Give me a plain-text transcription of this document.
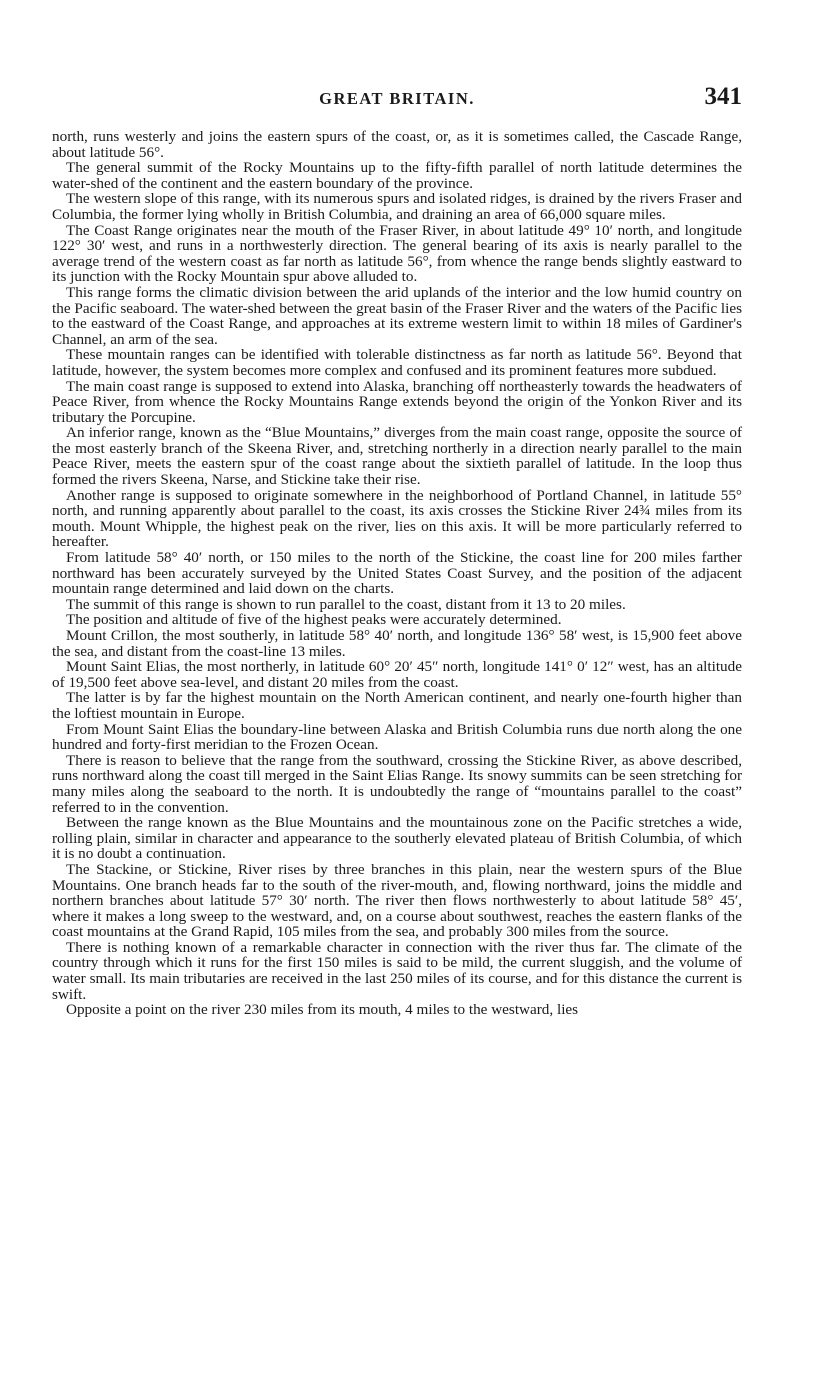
GREAT BRITAIN.	341

north, runs westerly and joins the eastern spurs of the coast, or, as it is sometimes called, the Cascade Range, about latitude 56°.

The general summit of the Rocky Mountains up to the fifty-fifth parallel of north latitude determines the water-shed of the continent and the eastern boundary of the province.

The western slope of this range, with its numerous spurs and isolated ridges, is drained by the rivers Fraser and Columbia, the former lying wholly in British Columbia, and draining an area of 66,000 square miles.

The Coast Range originates near the mouth of the Fraser River, in about latitude 49° 10′ north, and longitude 122° 30′ west, and runs in a northwesterly direction. The general bearing of its axis is nearly parallel to the average trend of the western coast as far north as latitude 56°, from whence the range bends slightly eastward to its junction with the Rocky Mountain spur above alluded to.

This range forms the climatic division between the arid uplands of the interior and the low humid country on the Pacific seaboard. The water-shed between the great basin of the Fraser River and the waters of the Pacific lies to the eastward of the Coast Range, and approaches at its extreme western limit to within 18 miles of Gardiner's Channel, an arm of the sea.

These mountain ranges can be identified with tolerable distinctness as far north as latitude 56°. Beyond that latitude, however, the system becomes more complex and confused and its prominent features more subdued.

The main coast range is supposed to extend into Alaska, branching off northeasterly towards the headwaters of Peace River, from whence the Rocky Mountains Range extends beyond the origin of the Yonkon River and its tributary the Porcupine.

An inferior range, known as the “Blue Mountains,” diverges from the main coast range, opposite the source of the most easterly branch of the Skeena River, and, stretching northerly in a direction nearly parallel to the main Peace River, meets the eastern spur of the coast range about the sixtieth parallel of latitude. In the loop thus formed the rivers Skeena, Narse, and Stickine take their rise.

Another range is supposed to originate somewhere in the neighborhood of Portland Channel, in latitude 55° north, and running apparently about parallel to the coast, its axis crosses the Stickine River 24¾ miles from its mouth. Mount Whipple, the highest peak on the river, lies on this axis. It will be more particularly referred to hereafter.

From latitude 58° 40′ north, or 150 miles to the north of the Stickine, the coast line for 200 miles farther northward has been accurately surveyed by the United States Coast Survey, and the position of the adjacent mountain range determined and laid down on the charts.

The summit of this range is shown to run parallel to the coast, distant from it 13 to 20 miles.

The position and altitude of five of the highest peaks were accurately determined.

Mount Crillon, the most southerly, in latitude 58° 40′ north, and longitude 136° 58′ west, is 15,900 feet above the sea, and distant from the coast-line 13 miles.

Mount Saint Elias, the most northerly, in latitude 60° 20′ 45″ north, longitude 141° 0′ 12″ west, has an altitude of 19,500 feet above sea-level, and distant 20 miles from the coast.

The latter is by far the highest mountain on the North American continent, and nearly one-fourth higher than the loftiest mountain in Europe.

From Mount Saint Elias the boundary-line between Alaska and British Columbia runs due north along the one hundred and forty-first meridian to the Frozen Ocean.

There is reason to believe that the range from the southward, crossing the Stickine River, as above described, runs northward along the coast till merged in the Saint Elias Range. Its snowy summits can be seen stretching for many miles along the seaboard to the north. It is undoubtedly the range of “mountains parallel to the coast” referred to in the convention.

Between the range known as the Blue Mountains and the mountainous zone on the Pacific stretches a wide, rolling plain, similar in character and appearance to the southerly elevated plateau of British Columbia, of which it is no doubt a continuation.

The Stackine, or Stickine, River rises by three branches in this plain, near the western spurs of the Blue Mountains. One branch heads far to the south of the river-mouth, and, flowing northward, joins the middle and northern branches about latitude 57° 30′ north. The river then flows northwesterly to about latitude 58° 45′, where it makes a long sweep to the westward, and, on a course about southwest, reaches the eastern flanks of the coast mountains at the Grand Rapid, 105 miles from the sea, and probably 300 miles from the source.

There is nothing known of a remarkable character in connection with the river thus far. The climate of the country through which it runs for the first 150 miles is said to be mild, the current sluggish, and the volume of water small. Its main tributaries are received in the last 250 miles of its course, and for this distance the current is swift.

Opposite a point on the river 230 miles from its mouth, 4 miles to the westward, lies
